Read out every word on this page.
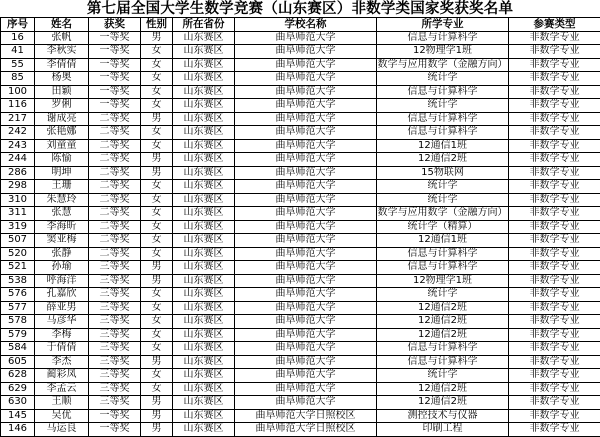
第七届全国大学生数学竞赛（山东赛区）非数学类国家奖获奖名单
序号	姓名	获奖	性别	所在省份	学校名称	所学专业	参赛类型
16	张帆	一等奖	男	山东赛区	曲阜师范大学	信息与计算科学	非数学专业
41	李秋实	一等奖	女	山东赛区	曲阜师范大学	12物理学1班	非数学专业
55	李倩倩	一等奖	女	山东赛区	曲阜师范大学	数学与应用数学（金融方向）	非数学专业
85	杨奥	一等奖	女	山东赛区	曲阜师范大学	统计学	非数学专业
100	田颖	一等奖	女	山东赛区	曲阜师范大学	信息与计算科学	非数学专业
116	罗俐	一等奖	女	山东赛区	曲阜师范大学	统计学	非数学专业
217	谢成亮	二等奖	男	山东赛区	曲阜师范大学	信息与计算科学	非数学专业
242	张艳娜	二等奖	女	山东赛区	曲阜师范大学	信息与计算科学	非数学专业
243	刘童童	二等奖	女	山东赛区	曲阜师范大学	12通信1班	非数学专业
244	陈愉	二等奖	男	山东赛区	曲阜师范大学	12通信2班	非数学专业
286	明坤	二等奖	男	山东赛区	曲阜师范大学	15物联网	非数学专业
298	王珊	二等奖	女	山东赛区	曲阜师范大学	统计学	非数学专业
310	朱慧玲	二等奖	女	山东赛区	曲阜师范大学	统计学	非数学专业
311	张慧	二等奖	女	山东赛区	曲阜师范大学	数学与应用数学（金融方向）	非数学专业
319	李海昕	二等奖	女	山东赛区	曲阜师范大学	统计学（精算）	非数学专业
507	窦亚梅	二等奖	女	山东赛区	曲阜师范大学	12通信1班	非数学专业
520	张静	二等奖	女	山东赛区	曲阜师范大学	信息与计算科学	非数学专业
521	孙瑜	三等奖	男	山东赛区	曲阜师范大学	信息与计算科学	非数学专业
538	呼海洋	三等奖	男	山东赛区	曲阜师范大学	12物理学1班	非数学专业
576	孔嘉欣	三等奖	女	山东赛区	曲阜师范大学	统计学	非数学专业
577	薛亚男	三等奖	女	山东赛区	曲阜师范大学	12通信2班	非数学专业
578	马彦华	三等奖	女	山东赛区	曲阜师范大学	12通信2班	非数学专业
579	李梅	三等奖	女	山东赛区	曲阜师范大学	12通信2班	非数学专业
584	于倩倩	三等奖	女	山东赛区	曲阜师范大学	信息与计算科学	非数学专业
605	李杰	三等奖	男	山东赛区	曲阜师范大学	信息与计算科学	非数学专业
628	蔺彩凤	三等奖	女	山东赛区	曲阜师范大学	统计学	非数学专业
629	李孟云	三等奖	女	山东赛区	曲阜师范大学	12通信2班	非数学专业
630	王顺	三等奖	男	山东赛区	曲阜师范大学	12通信2班	非数学专业
145	吴优	一等奖	男	山东赛区	曲阜师范大学日照校区	测控技术与仪器	非数学专业
146	马运良	一等奖	男	山东赛区	曲阜师范大学日照校区	印刷工程	非数学专业
